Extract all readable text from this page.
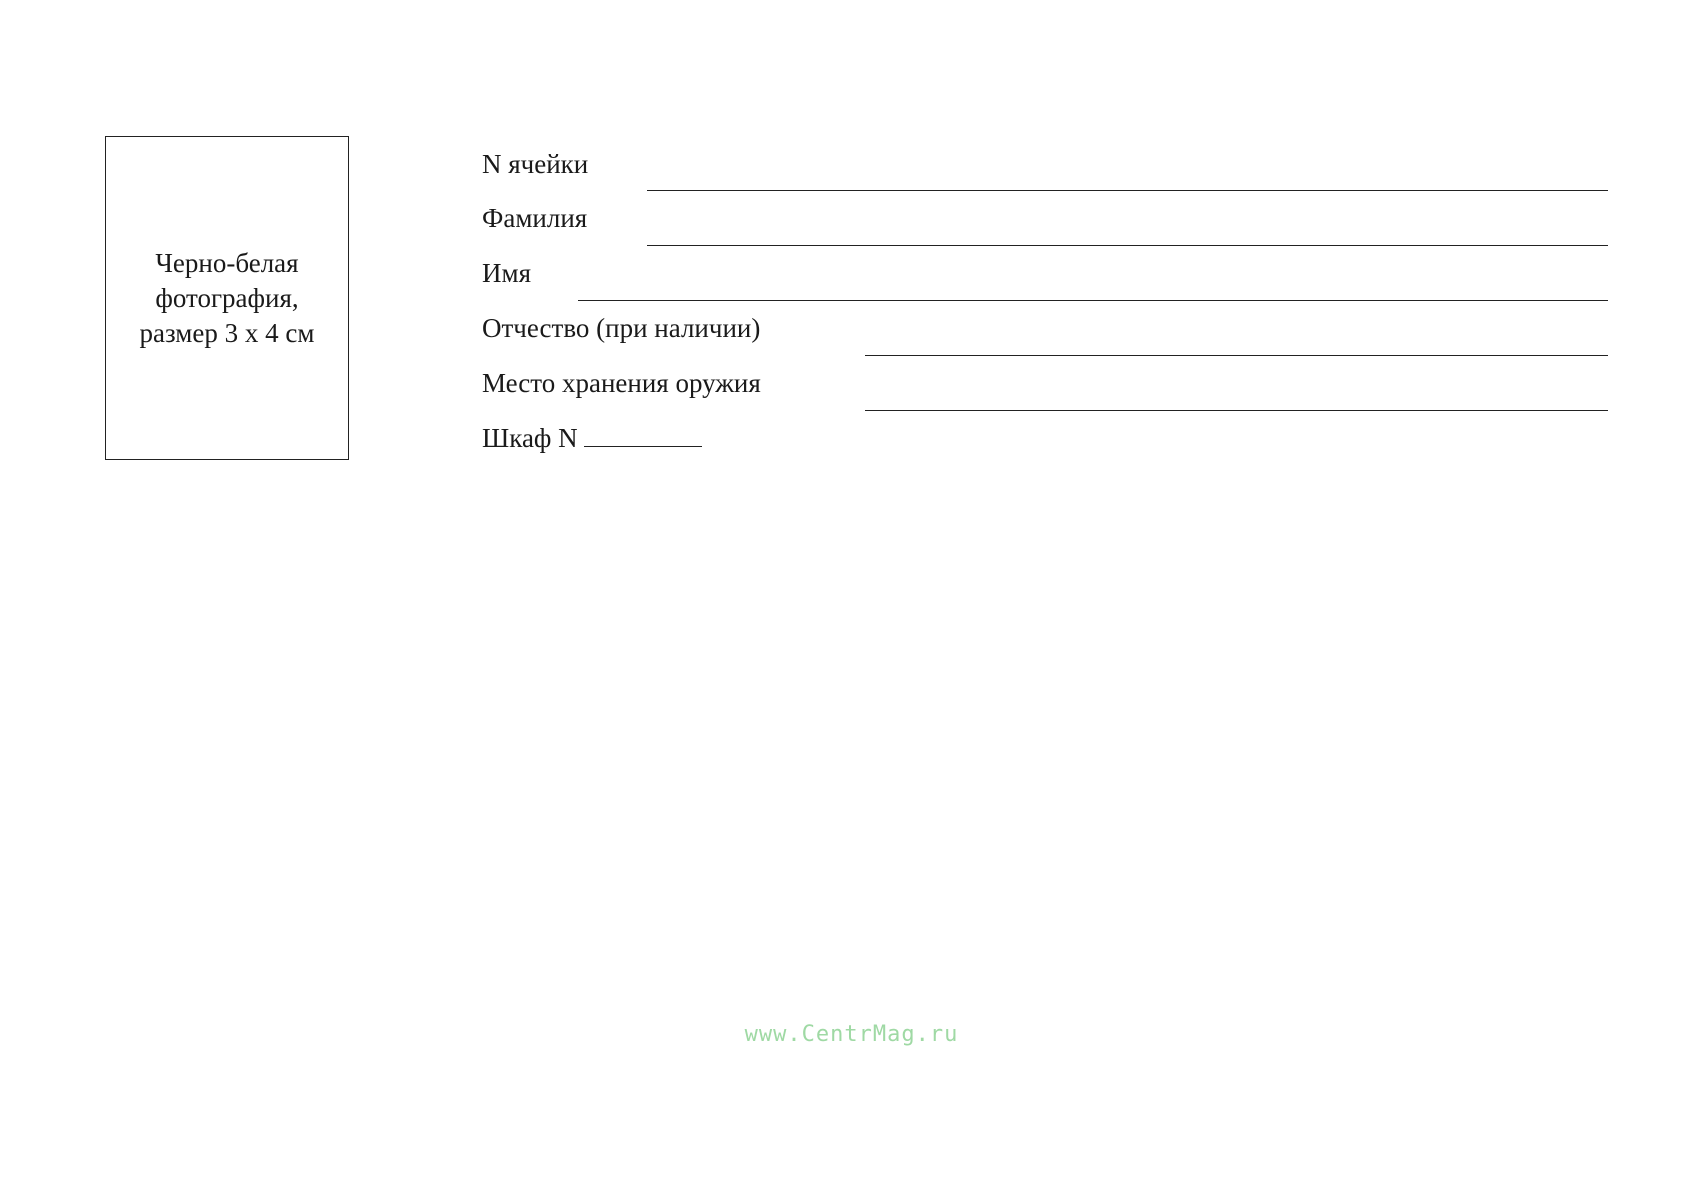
Черно-белая
фотография,
размер 3 х 4 см
N ячейки
Фамилия
Имя
Отчество (при наличии)
Место хранения оружия
Шкаф N
www.CentrMag.ru
